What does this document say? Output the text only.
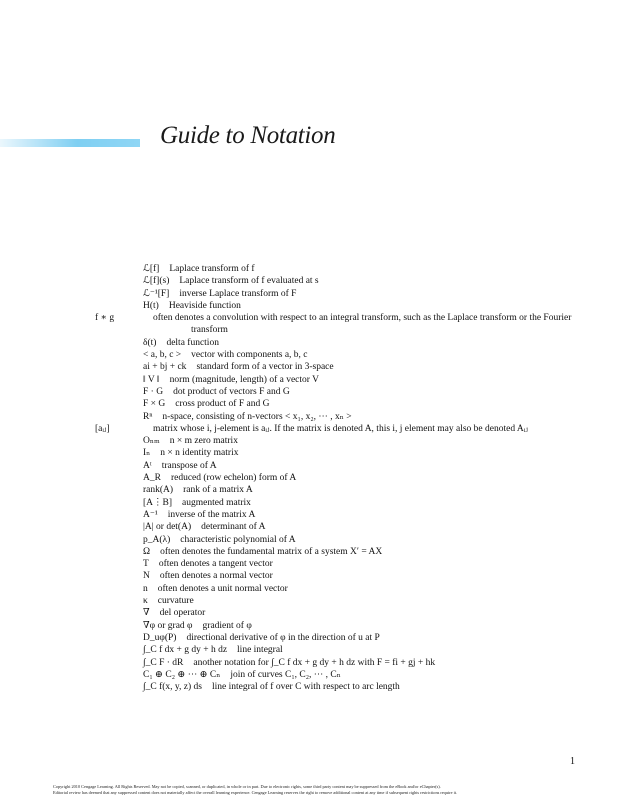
Guide to Notation
ℒ[f] Laplace transform of f
ℒ[f](s) Laplace transform of f evaluated at s
ℒ⁻¹[F] inverse Laplace transform of F
H(t) Heaviside function
f ∗ g	often denotes a convolution with respect to an integral transform, such as the Laplace transform or the Fourier transform
δ(t) delta function
< a, b, c > vector with components a, b, c
ai + bj + ck standard form of a vector in 3-space
‖ V ‖ norm (magnitude, length) of a vector V
F · G dot product of vectors F and G
F × G cross product of F and G
Rⁿ n-space, consisting of n-vectors < x₁, x₂, ⋯ , xₙ >
[aᵢⱼ]	matrix whose i, j-element is aᵢⱼ. If the matrix is denoted A, this i, j element may also be denoted Aᵢⱼ
Oₙₘ n × m zero matrix
Iₙ n × n identity matrix
Aᵗ transpose of A
A_R reduced (row echelon) form of A
rank(A) rank of a matrix A
[A⋮B] augmented matrix
A⁻¹ inverse of the matrix A
|A| or det(A) determinant of A
p_A(λ) characteristic polynomial of A
Ω often denotes the fundamental matrix of a system X′ = AX
T often denotes a tangent vector
N often denotes a normal vector
n often denotes a unit normal vector
κ curvature
∇ del operator
∇φ or grad φ gradient of φ
D_uφ(P) directional derivative of φ in the direction of u at P
∫_C f dx + g dy + h dz line integral
∫_C F · dR another notation for ∫_C f dx + g dy + h dz with F = fi + gj + hk
C₁ ⊕ C₂ ⊕ ⋯ ⊕ Cₙ join of curves C₁, C₂, ⋯ , Cₙ
∫_C f(x, y, z) ds line integral of f over C with respect to arc length
1
Copyright 2010 Cengage Learning. All Rights Reserved. May not be copied, scanned, or duplicated, in whole or in part. Due to electronic rights, some third party content may be suppressed from the eBook and/or eChapter(s).
Editorial review has deemed that any suppressed content does not materially affect the overall learning experience. Cengage Learning reserves the right to remove additional content at any time if subsequent rights restrictions require it.
